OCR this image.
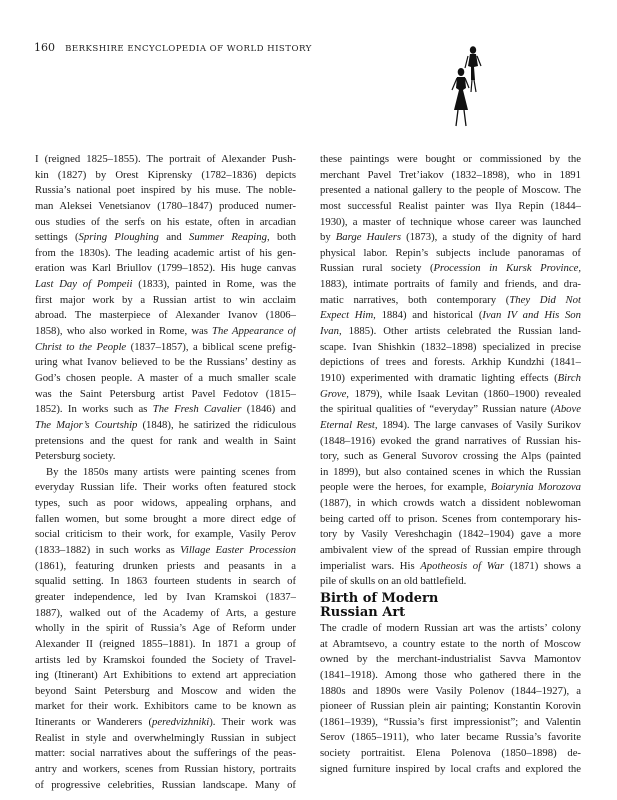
160 BERKSHIRE ENCYCLOPEDIA OF WORLD HISTORY
I (reigned 1825–1855). The portrait of Alexander Push-
kin (1827) by Orest Kiprensky (1782–1836) depicts
Russia’s national poet inspired by his muse. The noble-
man Aleksei Venetsianov (1780–1847) produced numer-
ous studies of the serfs on his estate, often in arcadian
settings (Spring Ploughing and Summer Reaping, both
from the 1830s). The leading academic artist of his gen-
eration was Karl Briullov (1799–1852). His huge canvas
Last Day of Pompeii (1833), painted in Rome, was the
first major work by a Russian artist to win acclaim
abroad. The masterpiece of Alexander Ivanov (1806–
1858), who also worked in Rome, was The Appearance of
Christ to the People (1837–1857), a biblical scene prefig-
uring what Ivanov believed to be the Russians’ destiny as
God’s chosen people. A master of a much smaller scale
was the Saint Petersburg artist Pavel Fedotov (1815–
1852). In works such as The Fresh Cavalier (1846) and
The Major’s Courtship (1848), he satirized the ridiculous
pretensions and the quest for rank and wealth in Saint
Petersburg society.
By the 1850s many artists were painting scenes from
everyday Russian life. Their works often featured stock
types, such as poor widows, appealing orphans, and
fallen women, but some brought a more direct edge of
social criticism to their work, for example, Vasily Perov
(1833–1882) in such works as Village Easter Procession
(1861), featuring drunken priests and peasants in a
squalid setting. In 1863 fourteen students in search of
greater independence, led by Ivan Kramskoi (1837–
1887), walked out of the Academy of Arts, a gesture
wholly in the spirit of Russia’s Age of Reform under
Alexander II (reigned 1855–1881). In 1871 a group of
artists led by Kramskoi founded the Society of Travel-
ing (Itinerant) Art Exhibitions to extend art appreciation
beyond Saint Petersburg and Moscow and widen the
market for their work. Exhibitors came to be known as
Itinerants or Wanderers (peredvizhniki). Their work was
Realist in style and overwhelmingly Russian in subject
matter: social narratives about the sufferings of the peas-
antry and workers, scenes from Russian history, portraits
of progressive celebrities, Russian landscape. Many of
these paintings were bought or commissioned by the
merchant Pavel Tret’iakov (1832–1898), who in 1891
presented a national gallery to the people of Moscow. The
most successful Realist painter was Ilya Repin (1844–
1930), a master of technique whose career was launched
by Barge Haulers (1873), a study of the dignity of hard
physical labor. Repin’s subjects include panoramas of
Russian rural society (Procession in Kursk Province,
1883), intimate portraits of family and friends, and dra-
matic narratives, both contemporary (They Did Not
Expect Him, 1884) and historical (Ivan IV and His Son
Ivan, 1885). Other artists celebrated the Russian land-
scape. Ivan Shishkin (1832–1898) specialized in precise
depictions of trees and forests. Arkhip Kundzhi (1841–
1910) experimented with dramatic lighting effects (Birch
Grove, 1879), while Isaak Levitan (1860–1900) revealed
the spiritual qualities of “everyday” Russian nature (Above
Eternal Rest, 1894). The large canvases of Vasily Surikov
(1848–1916) evoked the grand narratives of Russian his-
tory, such as General Suvorov crossing the Alps (painted
in 1899), but also contained scenes in which the Russian
people were the heroes, for example, Boiarynia Morozova
(1887), in which crowds watch a dissident noblewoman
being carted off to prison. Scenes from contemporary his-
tory by Vasily Vereshchagin (1842–1904) gave a more
ambivalent view of the spread of Russian empire through
imperialist wars. His Apotheosis of War (1871) shows a
pile of skulls on an old battlefield.
Birth of Modern
Russian Art
The cradle of modern Russian art was the artists’ colony
at Abramtsevo, a country estate to the north of Moscow
owned by the merchant-industrialist Savva Mamontov
(1841–1918). Among those who gathered there in the
1880s and 1890s were Vasily Polenov (1844–1927), a
pioneer of Russian plein air painting; Konstantin Korovin
(1861–1939), “Russia’s first impressionist”; and Valentin
Serov (1865–1911), who later became Russia’s favorite
society portraitist. Elena Polenova (1850–1898) de-
signed furniture inspired by local crafts and explored the
